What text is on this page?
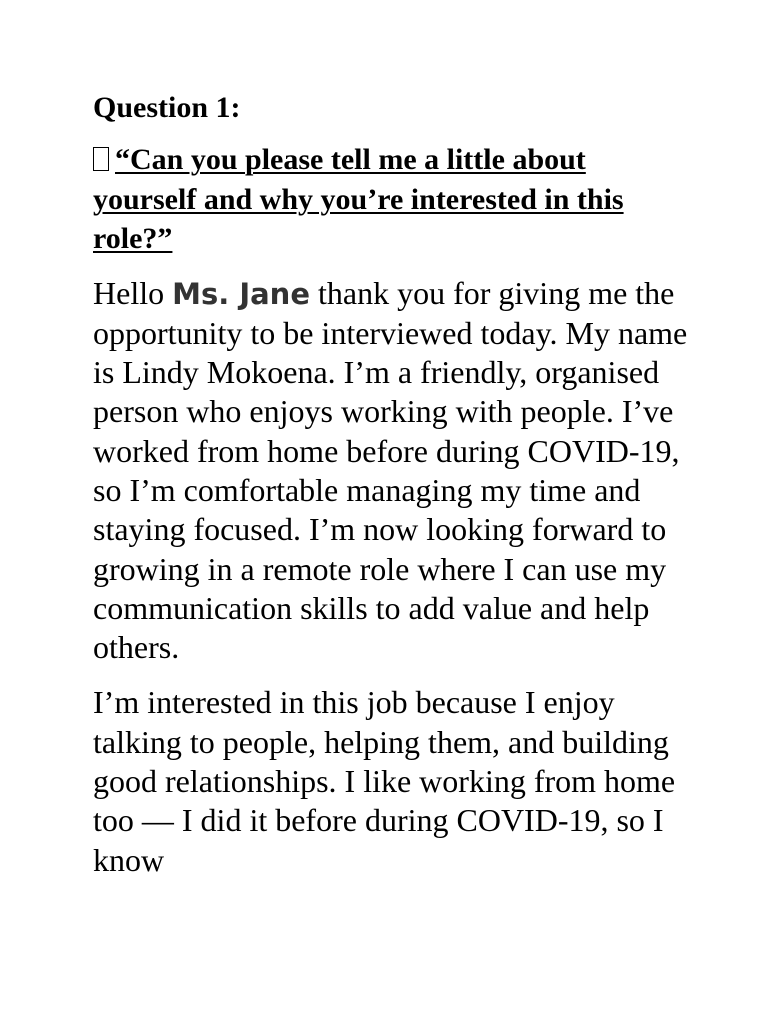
Question 1:

“Can you please tell me a little about yourself and why you’re interested in this role?”

Hello Ms. Jane thank you for giving me the opportunity to be interviewed today. My name is Lindy Mokoena. I’m a friendly, organised person who enjoys working with people. I’ve worked from home before during COVID-19, so I’m comfortable managing my time and staying focused. I’m now looking forward to growing in a remote role where I can use my communication skills to add value and help others.

I’m interested in this job because I enjoy talking to people, helping them, and building good relationships. I like working from home too — I did it before during COVID-19, so I know
